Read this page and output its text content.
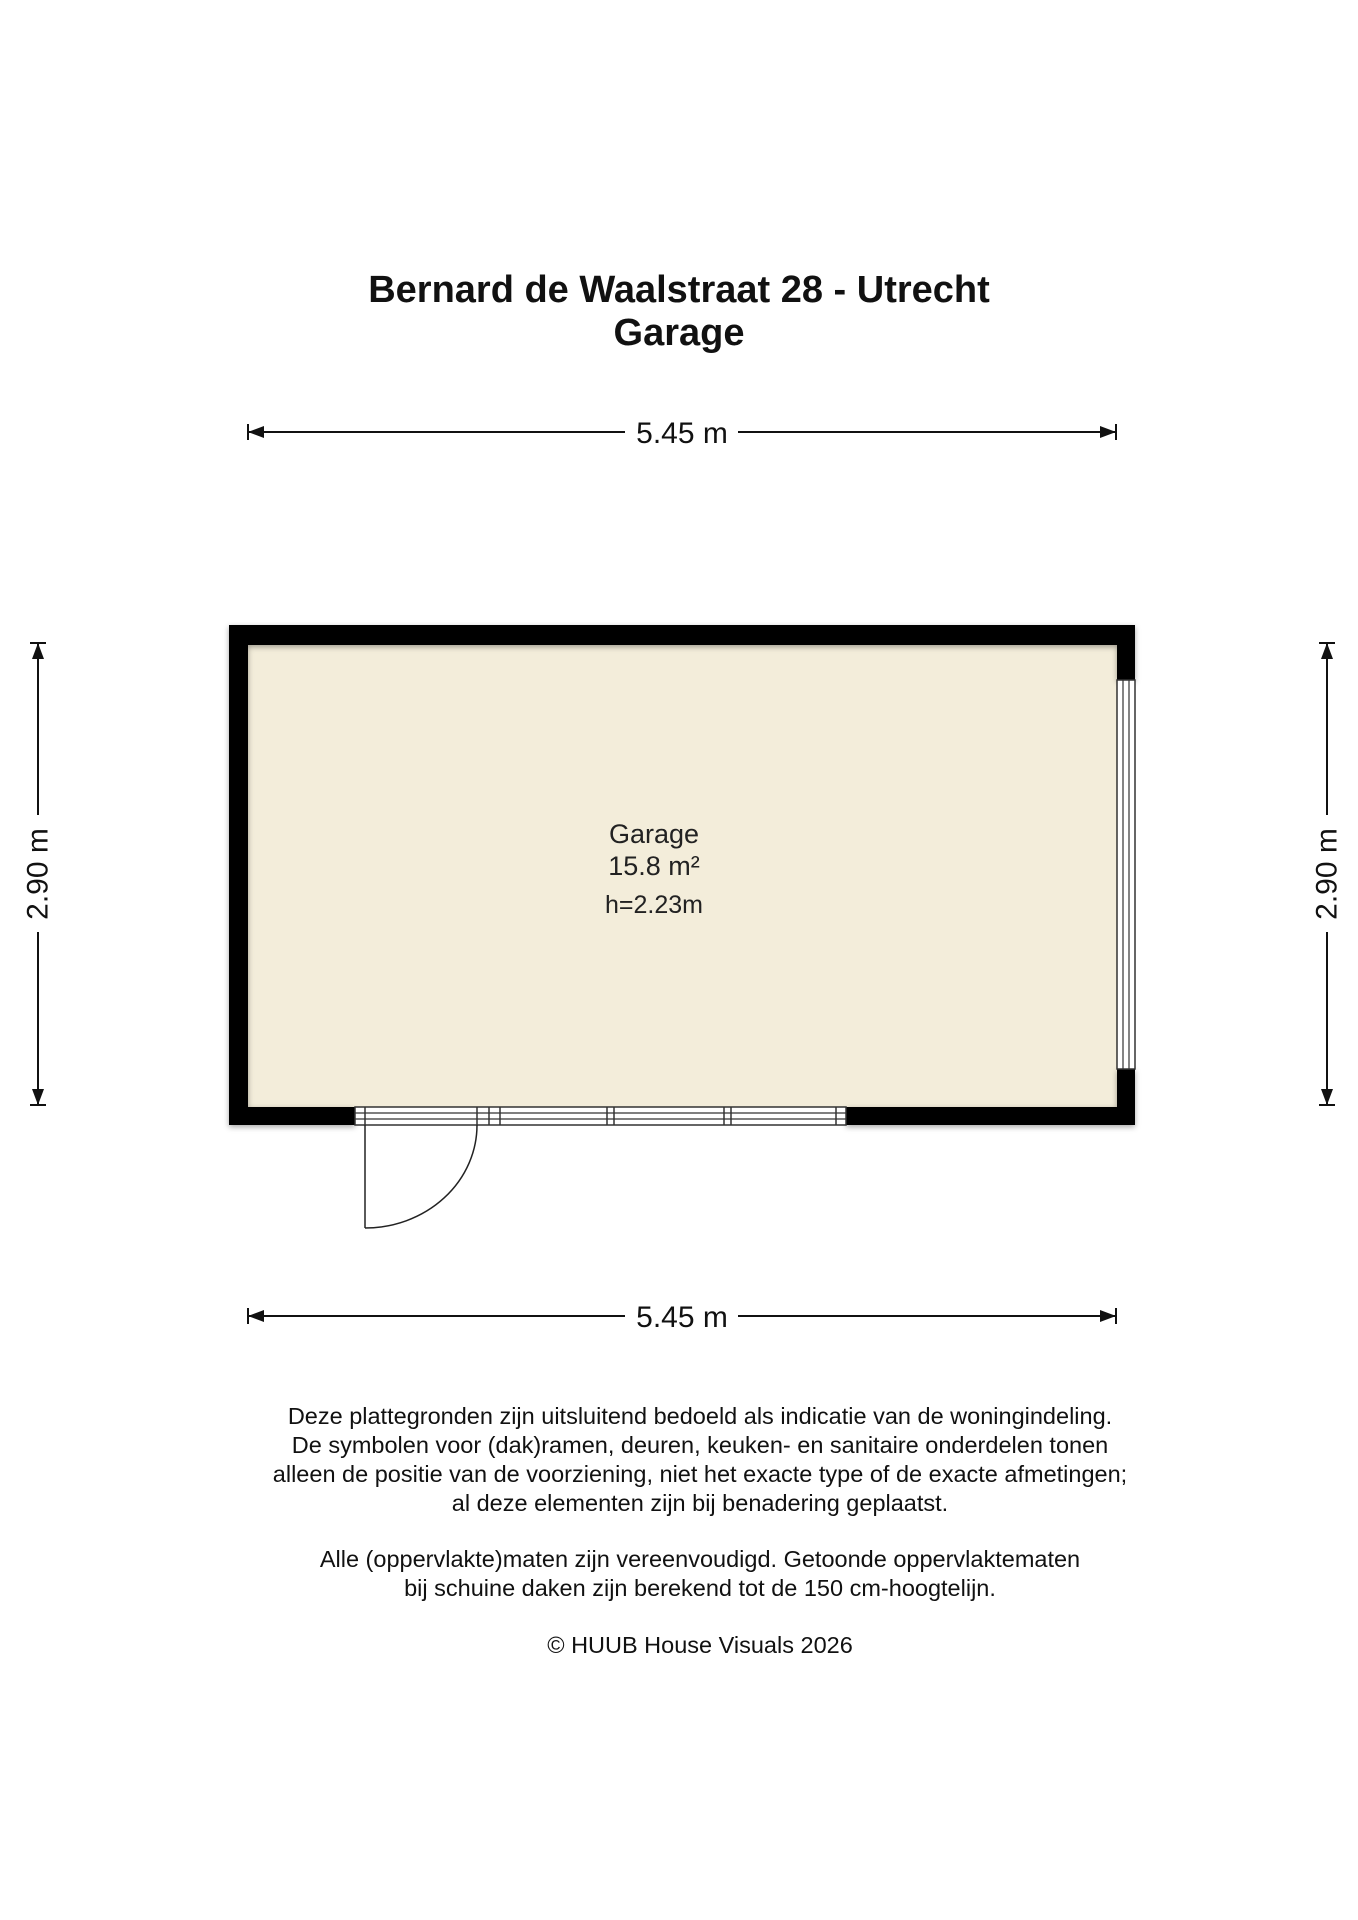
Bernard de Waalstraat 28 - Utrecht
Garage
5.45 m
5.45 m
2.90 m	2.90 m
Garage
15.8 m²
h=2.23m
Deze plattegronden zijn uitsluitend bedoeld als indicatie van de woningindeling.
De symbolen voor (dak)ramen, deuren, keuken- en sanitaire onderdelen tonen
alleen de positie van de voorziening, niet het exacte type of de exacte afmetingen;
al deze elementen zijn bij benadering geplaatst.
Alle (oppervlakte)maten zijn vereenvoudigd. Getoonde oppervlaktematen
bij schuine daken zijn berekend tot de 150 cm-hoogtelijn.
© HUUB House Visuals 2026
